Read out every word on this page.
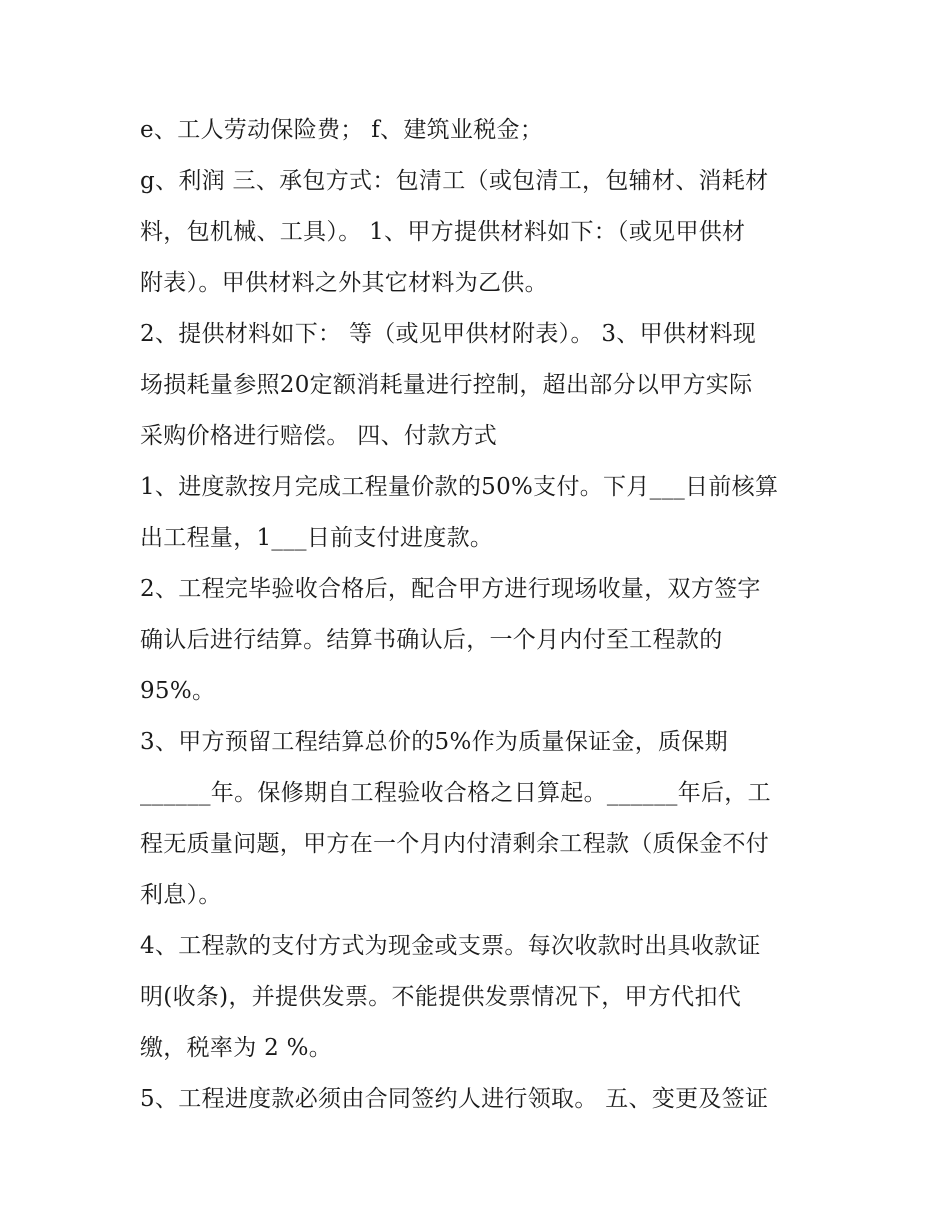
e、工人劳动保险费； f、建筑业税金；
g、利润 三、承包方式：包清工（或包清工，包辅材、消耗材
料，包机械、工具）。 1、甲方提供材料如下：（或见甲供材
附表）。甲供材料之外其它材料为乙供。
2、提供材料如下： 等（或见甲供材附表）。 3、甲供材料现
场损耗量参照20定额消耗量进行控制，超出部分以甲方实际
采购价格进行赔偿。 四、付款方式
1、进度款按月完成工程量价款的50%支付。下月___日前核算
出工程量，1___日前支付进度款。
2、工程完毕验收合格后，配合甲方进行现场收量，双方签字
确认后进行结算。结算书确认后，一个月内付至工程款的
95%。
3、甲方预留工程结算总价的5%作为质量保证金，质保期
______年。保修期自工程验收合格之日算起。______年后，工
程无质量问题，甲方在一个月内付清剩余工程款（质保金不付
利息）。
4、工程款的支付方式为现金或支票。每次收款时出具收款证
明(收条)，并提供发票。不能提供发票情况下，甲方代扣代
缴，税率为 2 %。
5、工程进度款必须由合同签约人进行领取。 五、变更及签证
